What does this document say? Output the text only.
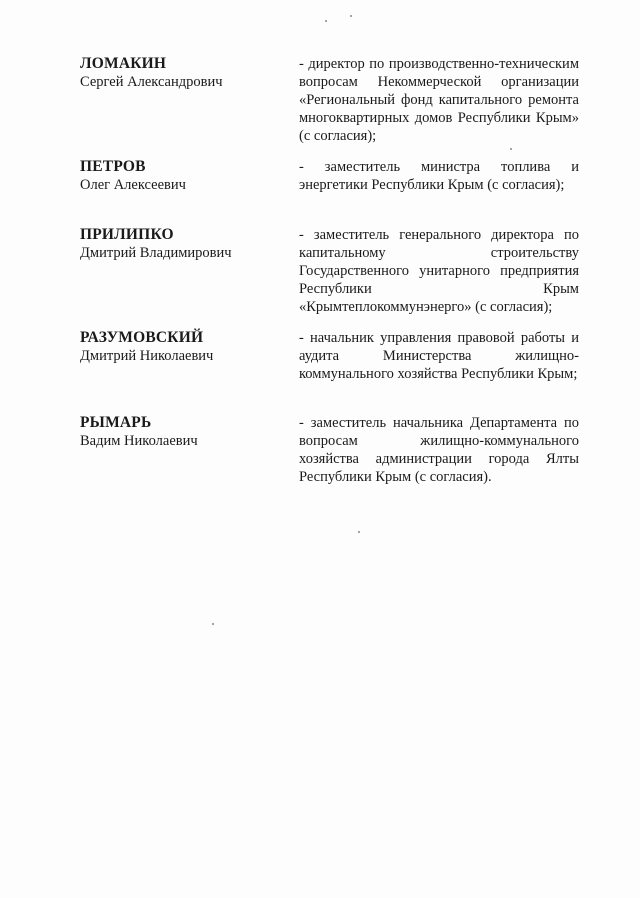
ЛОМАКИН
Сергей Александрович
- директор по производственно-техническим вопросам Некоммерческой организации «Региональный фонд капитального ремонта многоквартирных домов Республики Крым» (с согласия);
ПЕТРОВ
Олег Алексеевич
- заместитель министра топлива и энергетики Республики Крым (с согласия);
ПРИЛИПКО
Дмитрий Владимирович
- заместитель генерального директора по капитальному строительству Государственного унитарного предприятия Республики Крым «Крымтеплокоммунэнерго» (с согласия);
РАЗУМОВСКИЙ
Дмитрий Николаевич
- начальник управления правовой работы и аудита Министерства жилищно-коммунального хозяйства Республики Крым;
РЫМАРЬ
Вадим Николаевич
- заместитель начальника Департамента по вопросам жилищно-коммунального хозяйства администрации города Ялты Республики Крым (с согласия).
